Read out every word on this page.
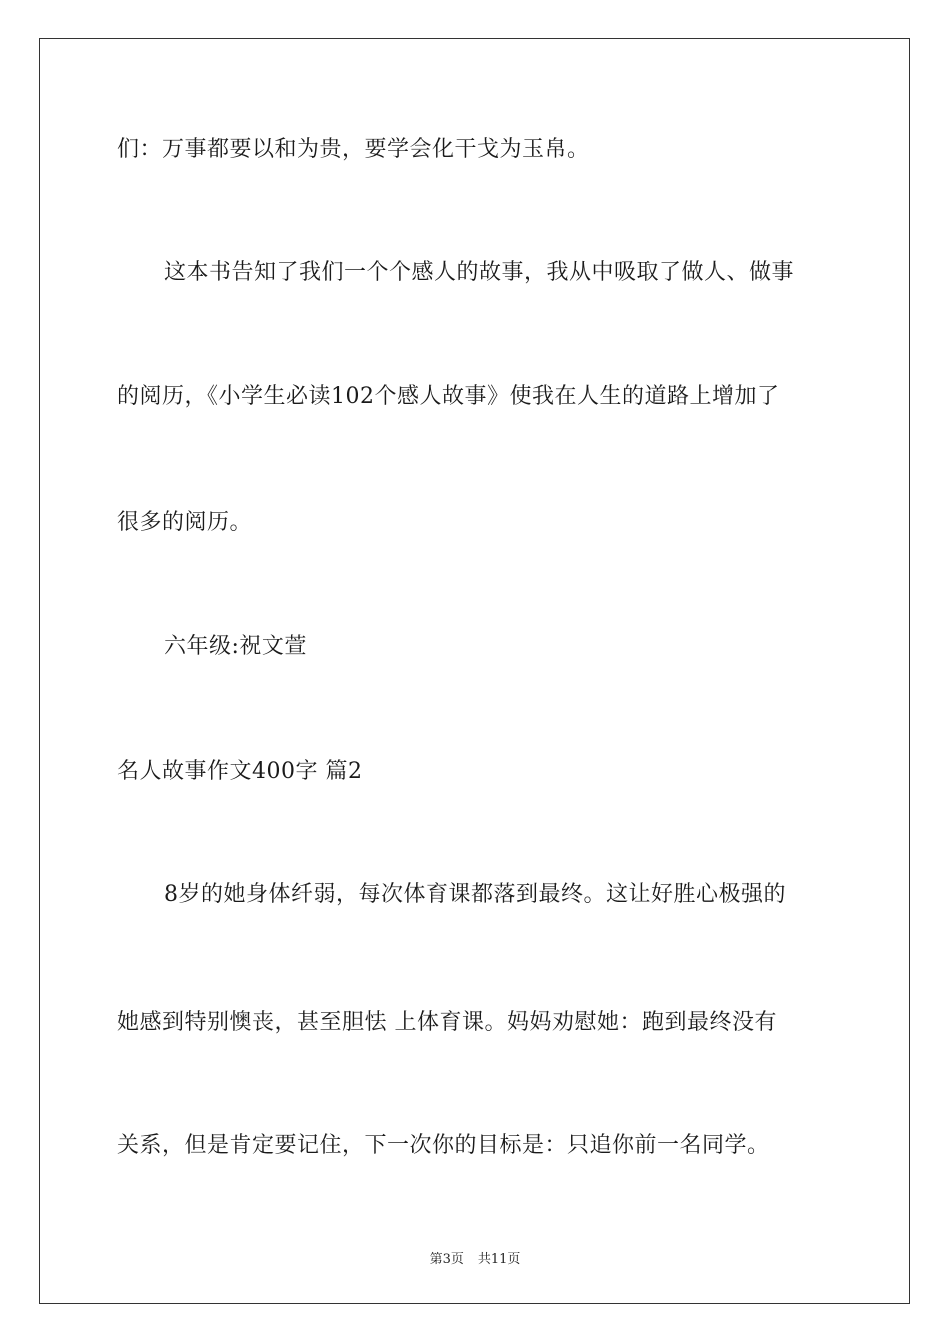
们：万事都要以和为贵，要学会化干戈为玉帛。
这本书告知了我们一个个感人的故事，我从中吸取了做人、做事
的阅历，《小学生必读102个感人故事》使我在人生的道路上增加了
很多的阅历。
六年级:祝文萱
名人故事作文400字 篇2
8岁的她身体纤弱，每次体育课都落到最终。这让好胜心极强的
她感到特别懊丧，甚至胆怯 上体育课。妈妈劝慰她：跑到最终没有
关系，但是肯定要记住，下一次你的目标是：只追你前一名同学。
第3页 共11页
